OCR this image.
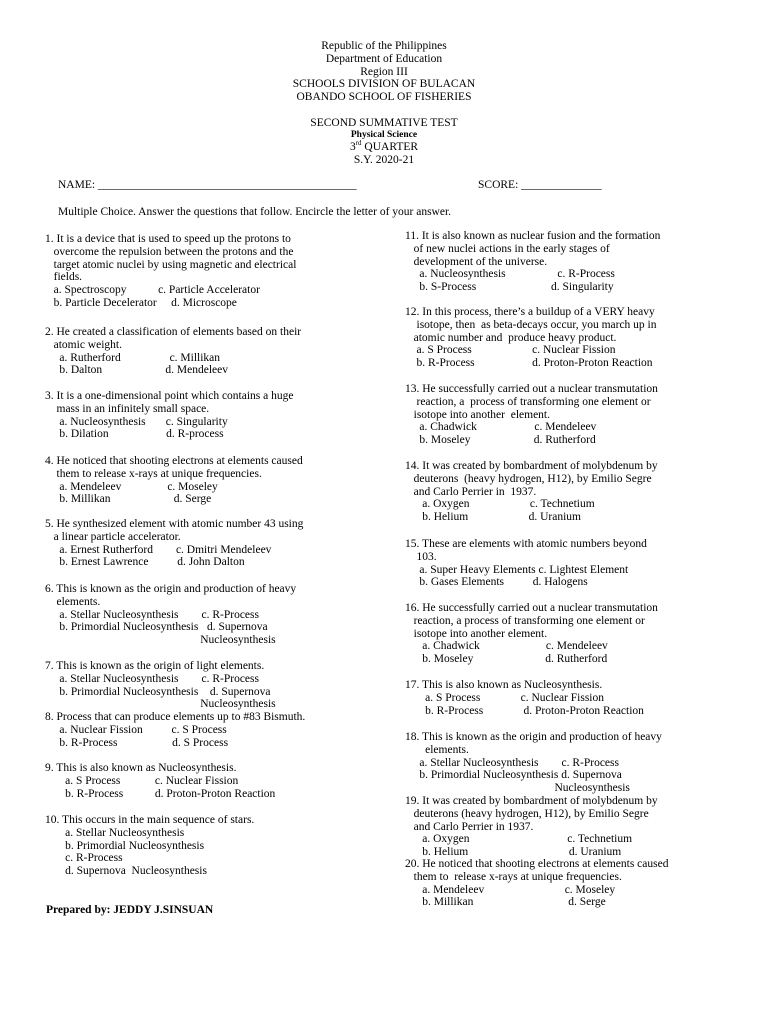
Republic of the Philippines
Department of Education
Region III
SCHOOLS DIVISION OF BULACAN
OBANDO SCHOOL OF FISHERIES
SECOND SUMMATIVE TEST
Physical Science
3rd QUARTER
S.Y. 2020-21
NAME: _____________________________________________	SCORE: ______________
Multiple Choice. Answer the questions that follow. Encircle the letter of your answer.
1. It is a device that is used to speed up the protons to
overcome the repulsion between the protons and the
target atomic nuclei by using magnetic and electrical
fields.
a. Spectroscopy           c. Particle Accelerator
b. Particle Decelerator     d. Microscope
2. He created a classification of elements based on their
atomic weight.
a. Rutherford                 c. Millikan
b. Dalton                      d. Mendeleev
3. It is a one-dimensional point which contains a huge
mass in an infinitely small space.
a. Nucleosynthesis       c. Singularity
b. Dilation                    d. R-process
4. He noticed that shooting electrons at elements caused
them to release x-rays at unique frequencies.
a. Mendeleev                c. Moseley
b. Millikan                      d. Serge
5. He synthesized element with atomic number 43 using
a linear particle accelerator.
a. Ernest Rutherford        c. Dmitri Mendeleev
b. Ernest Lawrence          d. John Dalton
6. This is known as the origin and production of heavy
elements.
a. Stellar Nucleosynthesis        c. R-Process
b. Primordial Nucleosynthesis   d. Supernova
Nucleosynthesis
7. This is known as the origin of light elements.
a. Stellar Nucleosynthesis        c. R-Process
b. Primordial Nucleosynthesis    d. Supernova
Nucleosynthesis
8. Process that can produce elements up to #83 Bismuth.
a. Nuclear Fission          c. S Process
b. R-Process                   d. S Process
9. This is also known as Nucleosynthesis.
a. S Process            c. Nuclear Fission
b. R-Process           d. Proton-Proton Reaction
10. This occurs in the main sequence of stars.
a. Stellar Nucleosynthesis
b. Primordial Nucleosynthesis
c. R-Process
d. Supernova  Nucleosynthesis
11. It is also known as nuclear fusion and the formation
of new nuclei actions in the early stages of
development of the universe.
a. Nucleosynthesis                  c. R-Process
b. S-Process                          d. Singularity
12. In this process, there’s a buildup of a VERY heavy
isotope, then  as beta-decays occur, you march up in
atomic number and  produce heavy product.
a. S Process                     c. Nuclear Fission
b. R-Process                    d. Proton-Proton Reaction
13. He successfully carried out a nuclear transmutation
reaction, a  process of transforming one element or
isotope into another  element.
a. Chadwick                    c. Mendeleev
b. Moseley                      d. Rutherford
14. It was created by bombardment of molybdenum by
deuterons  (heavy hydrogen, H12), by Emilio Segre
and Carlo Perrier in  1937.
a. Oxygen                     c. Technetium
b. Helium                     d. Uranium
15. These are elements with atomic numbers beyond
103.
a. Super Heavy Elements c. Lightest Element
b. Gases Elements          d. Halogens
16. He successfully carried out a nuclear transmutation
reaction, a process of transforming one element or
isotope into another element.
a. Chadwick                       c. Mendeleev
b. Moseley                         d. Rutherford
17. This is also known as Nucleosynthesis.
a. S Process              c. Nuclear Fission
b. R-Process              d. Proton-Proton Reaction
18. This is known as the origin and production of heavy
elements.
a. Stellar Nucleosynthesis        c. R-Process
b. Primordial Nucleosynthesis d. Supernova
Nucleosynthesis
19. It was created by bombardment of molybdenum by
deuterons (heavy hydrogen, H12), by Emilio Segre
and Carlo Perrier in 1937.
a. Oxygen                                  c. Technetium
b. Helium                                   d. Uranium
20. He noticed that shooting electrons at elements caused
them to  release x-rays at unique frequencies.
a. Mendeleev                            c. Moseley
b. Millikan                                 d. Serge
Prepared by: JEDDY J.SINSUAN
